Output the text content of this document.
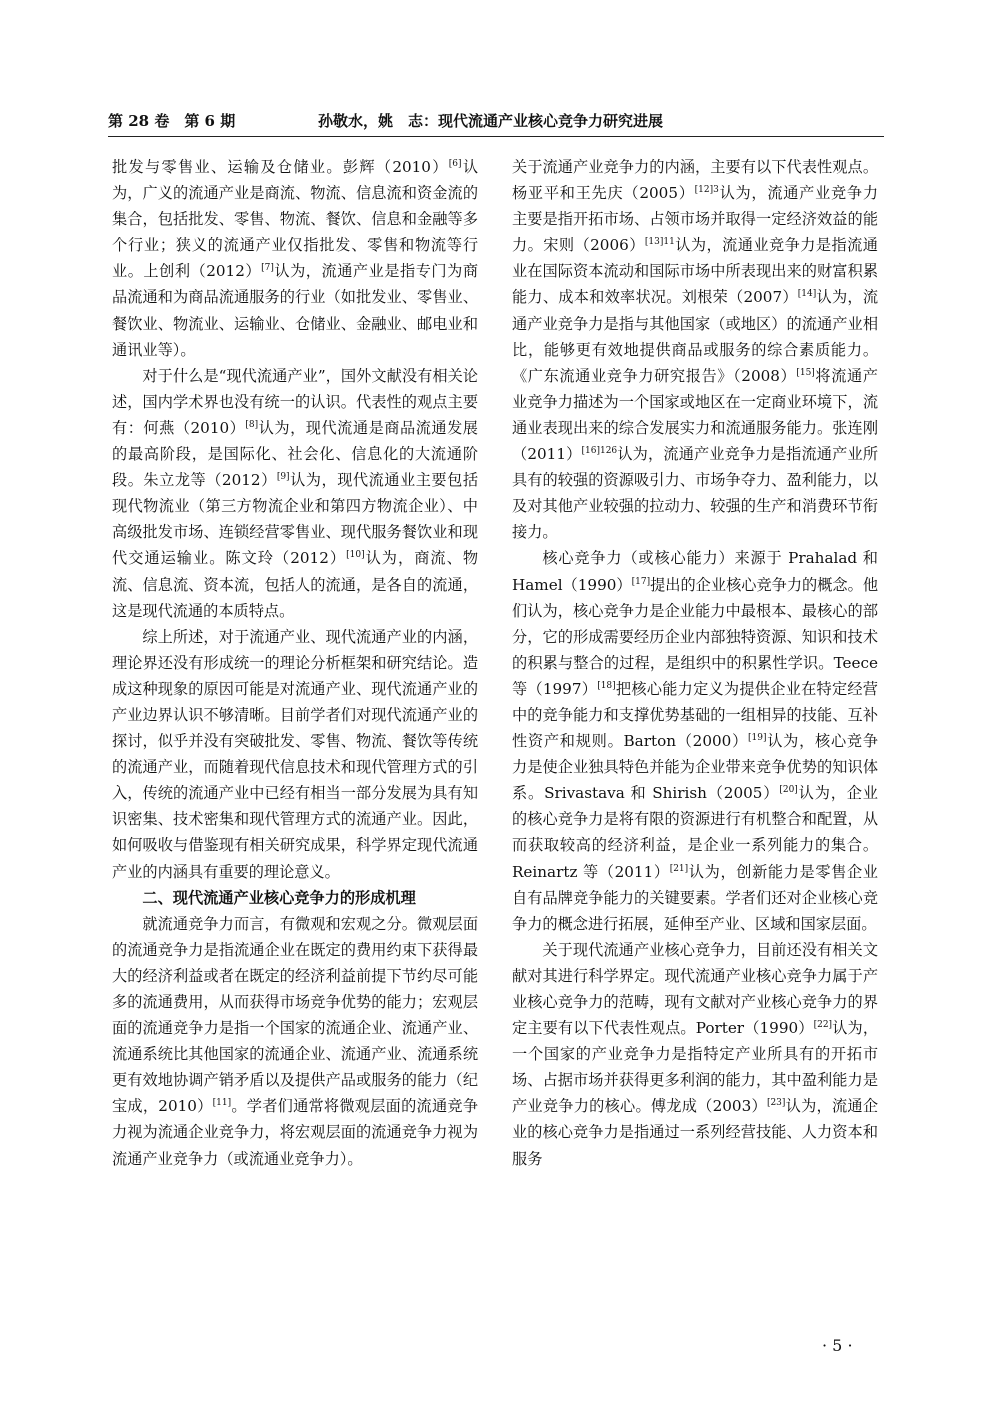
第 28 卷　第 6 期	孙敬水，姚　志：现代流通产业核心竞争力研究进展

批发与零售业、运输及仓储业。彭辉（2010）[6]认为，广义的流通产业是商流、物流、信息流和资金流的集合，包括批发、零售、物流、餐饮、信息和金融等多个行业；狭义的流通产业仅指批发、零售和物流等行业。上创利（2012）[7]认为，流通产业是指专门为商品流通和为商品流通服务的行业（如批发业、零售业、餐饮业、物流业、运输业、仓储业、金融业、邮电业和通讯业等）。

对于什么是“现代流通产业”，国外文献没有相关论述，国内学术界也没有统一的认识。代表性的观点主要有：何燕（2010）[8]认为，现代流通是商品流通发展的最高阶段，是国际化、社会化、信息化的大流通阶段。朱立龙等（2012）[9]认为，现代流通业主要包括现代物流业（第三方物流企业和第四方物流企业）、中高级批发市场、连锁经营零售业、现代服务餐饮业和现代交通运输业。陈文玲（2012）[10]认为，商流、物流、信息流、资本流，包括人的流通，是各自的流通，这是现代流通的本质特点。

综上所述，对于流通产业、现代流通产业的内涵，理论界还没有形成统一的理论分析框架和研究结论。造成这种现象的原因可能是对流通产业、现代流通产业的产业边界认识不够清晰。目前学者们对现代流通产业的探讨，似乎并没有突破批发、零售、物流、餐饮等传统的流通产业，而随着现代信息技术和现代管理方式的引入，传统的流通产业中已经有相当一部分发展为具有知识密集、技术密集和现代管理方式的流通产业。因此，如何吸收与借鉴现有相关研究成果，科学界定现代流通产业的内涵具有重要的理论意义。

二、现代流通产业核心竞争力的形成机理

就流通竞争力而言，有微观和宏观之分。微观层面的流通竞争力是指流通企业在既定的费用约束下获得最大的经济利益或者在既定的经济利益前提下节约尽可能多的流通费用，从而获得市场竞争优势的能力；宏观层面的流通竞争力是指一个国家的流通企业、流通产业、流通系统比其他国家的流通企业、流通产业、流通系统更有效地协调产销矛盾以及提供产品或服务的能力（纪宝成，2010）[11]。学者们通常将微观层面的流通竞争力视为流通企业竞争力，将宏观层面的流通竞争力视为流通产业竞争力（或流通业竞争力）。

关于流通产业竞争力的内涵，主要有以下代表性观点。杨亚平和王先庆（2005）$^{[12]3}$认为，流通产业竞争力主要是指开拓市场、占领市场并取得一定经济效益的能力。宋则（2006）$^{[13]11}$认为，流通业竞争力是指流通业在国际资本流动和国际市场中所表现出来的财富积累能力、成本和效率状况。刘根荣（2007）[14]认为，流通产业竞争力是指与其他国家（或地区）的流通产业相比，能够更有效地提供商品或服务的综合素质能力。《广东流通业竞争力研究报告》（2008）[15]将流通产业竞争力描述为一个国家或地区在一定商业环境下，流通业表现出来的综合发展实力和流通服务能力。张连刚（2011）$^{[16]126}$认为，流通产业竞争力是指流通产业所具有的较强的资源吸引力、市场争夺力、盈利能力，以及对其他产业较强的拉动力、较强的生产和消费环节衔接力。

核心竞争力（或核心能力）来源于 Prahalad 和 Hamel（1990）[17]提出的企业核心竞争力的概念。他们认为，核心竞争力是企业能力中最根本、最核心的部分，它的形成需要经历企业内部独特资源、知识和技术的积累与整合的过程，是组织中的积累性学识。Teece 等（1997）[18]把核心能力定义为提供企业在特定经营中的竞争能力和支撑优势基础的一组相异的技能、互补性资产和规则。Barton（2000）[19]认为，核心竞争力是使企业独具特色并能为企业带来竞争优势的知识体系。Srivastava 和 Shirish（2005）[20]认为，企业的核心竞争力是将有限的资源进行有机整合和配置，从而获取较高的经济利益，是企业一系列能力的集合。Reinartz 等（2011）[21]认为，创新能力是零售企业自有品牌竞争能力的关键要素。学者们还对企业核心竞争力的概念进行拓展，延伸至产业、区域和国家层面。

关于现代流通产业核心竞争力，目前还没有相关文献对其进行科学界定。现代流通产业核心竞争力属于产业核心竞争力的范畴，现有文献对产业核心竞争力的界定主要有以下代表性观点。Porter（1990）[22]认为，一个国家的产业竞争力是指特定产业所具有的开拓市场、占据市场并获得更多利润的能力，其中盈利能力是产业竞争力的核心。傅龙成（2003）[23]认为，流通企业的核心竞争力是指通过一系列经营技能、人力资本和服务

· 5 ·
